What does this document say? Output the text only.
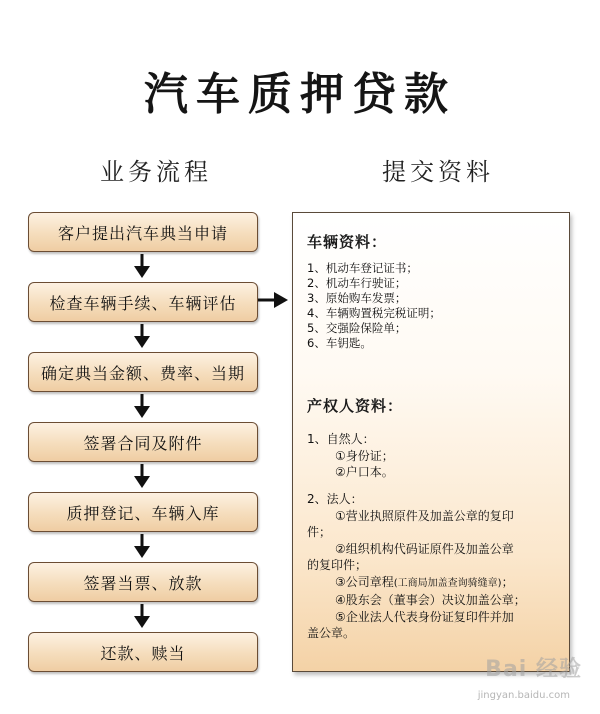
汽车质押贷款
业务流程	提交资料
客户提出汽车典当申请
检查车辆手续、车辆评估
确定典当金额、费率、当期
签署合同及附件
质押登记、车辆入库
签署当票、放款
还款、赎当
车辆资料：
1、机动车登记证书；
2、机动车行驶证；
3、原始购车发票；
4、车辆购置税完税证明；
5、交强险保险单；
6、车钥匙。
产权人资料：
1、自然人：
①身份证；
②户口本。
2、法人：
①营业执照原件及加盖公章的复印
件；
②组织机构代码证原件及加盖公章
的复印件；
③公司章程(工商局加盖查询骑缝章)；
④股东会（董事会）决议加盖公章；
⑤企业法人代表身份证复印件并加
盖公章。
Bai 经验
jingyan.baidu.com
